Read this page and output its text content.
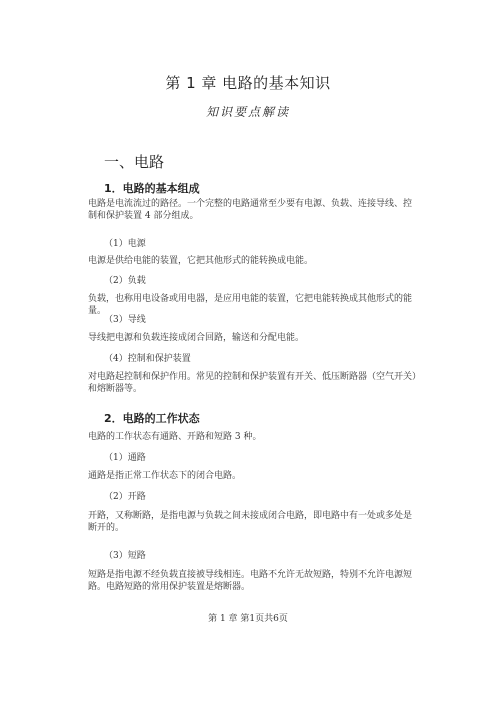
第 1 章 电路的基本知识
知识要点解读
一、电路
1．电路的基本组成
电路是电流流过的路径。一个完整的电路通常至少要有电源、负载、连接导线、控制和保护装置 4 部分组成。
（1）电源
电源是供给电能的装置，它把其他形式的能转换成电能。
（2）负载
负载，也称用电设备或用电器，是应用电能的装置，它把电能转换成其他形式的能量。
（3）导线
导线把电源和负载连接成闭合回路，输送和分配电能。
（4）控制和保护装置
对电路起控制和保护作用。常见的控制和保护装置有开关、低压断路器（空气开关）和熔断器等。
2．电路的工作状态
电路的工作状态有通路、开路和短路 3 种。
（1）通路
通路是指正常工作状态下的闭合电路。
（2）开路
开路，又称断路，是指电源与负载之间未接成闭合电路，即电路中有一处或多处是断开的。
（3）短路
短路是指电源不经负载直接被导线相连。电路不允许无故短路，特别不允许电源短路。电路短路的常用保护装置是熔断器。
第 1 章 第1页共6页
